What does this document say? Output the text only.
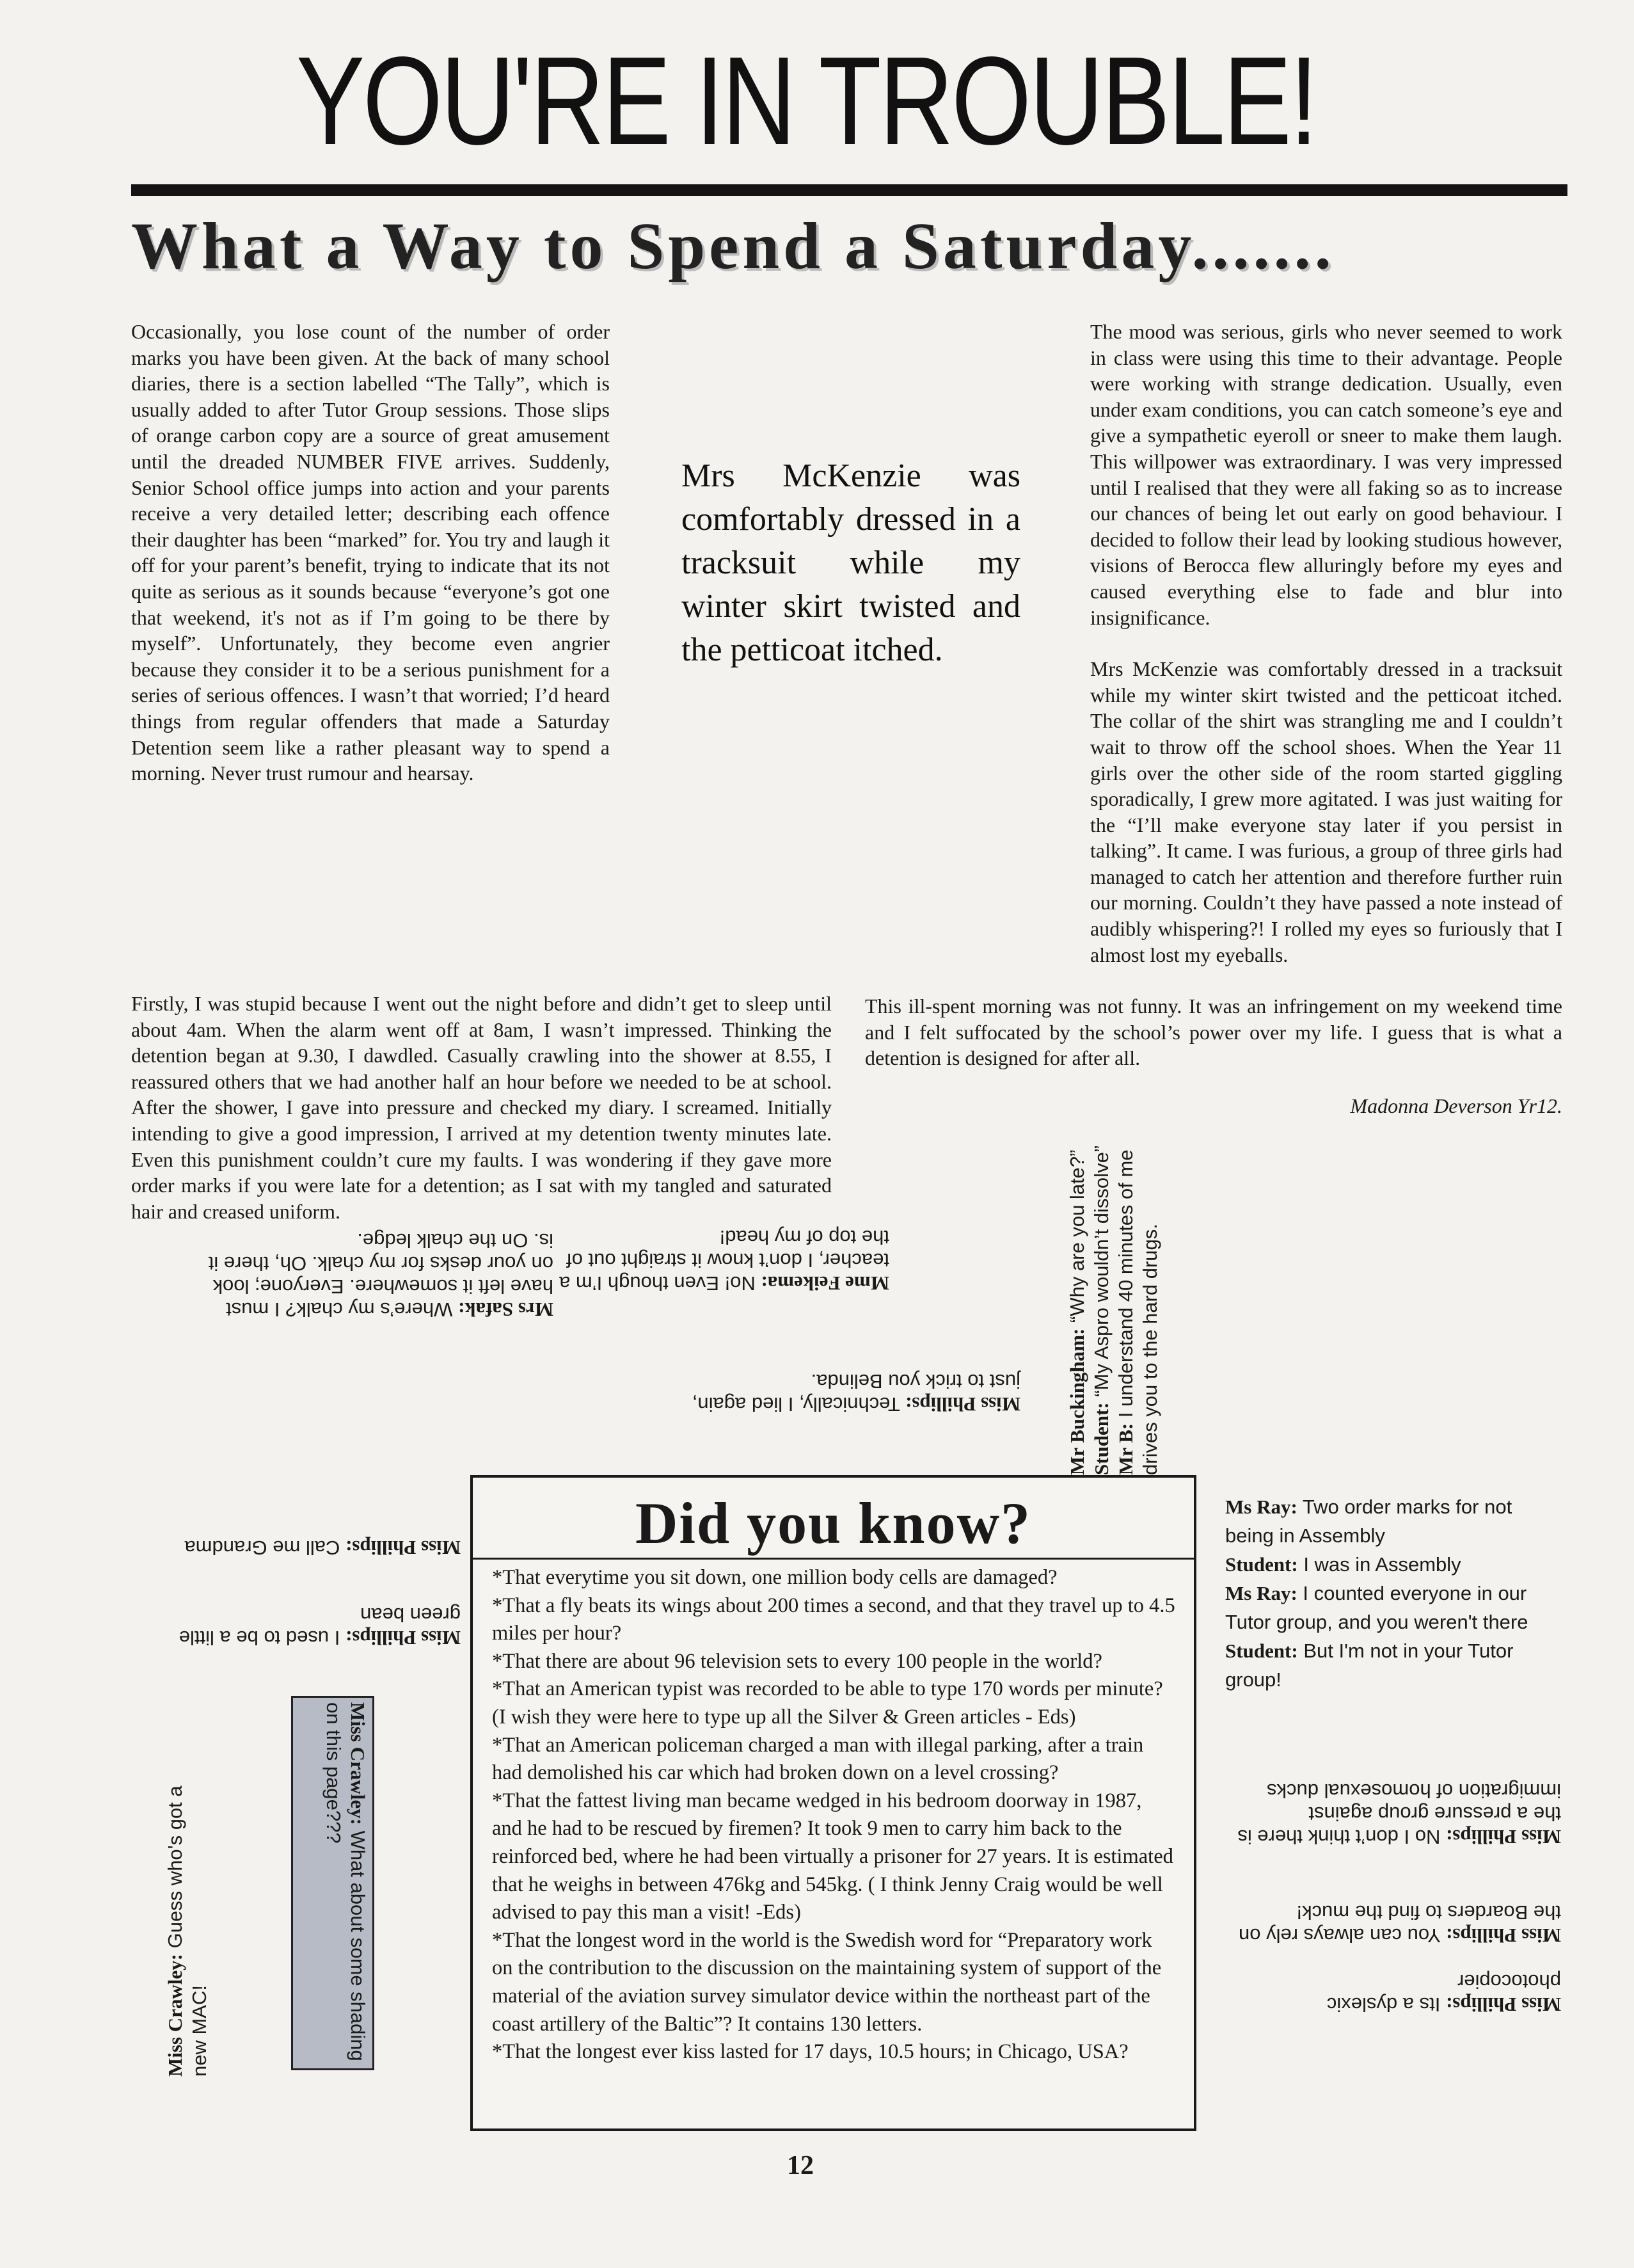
YOU'RE IN TROUBLE!
What a Way to Spend a Saturday.......

Occasionally, you lose count of the number of order marks you have been given. At the back of many school diaries, there is a section labelled “The Tally”, which is usually added to after Tutor Group sessions. Those slips of orange carbon copy are a source of great amusement until the dreaded NUMBER FIVE arrives. Suddenly, Senior School office jumps into action and your parents receive a very detailed letter; describing each offence their daughter has been “marked” for. You try and laugh it off for your parent’s benefit, trying to indicate that its not quite as serious as it sounds because “everyone’s got one that weekend, it's not as if I’m going to be there by myself”. Unfortunately, they become even angrier because they consider it to be a serious punishment for a series of serious offences. I wasn’t that worried; I’d heard things from regular offenders that made a Saturday Detention seem like a rather pleasant way to spend a morning. Never trust rumour and hearsay.

Firstly, I was stupid because I went out the night before and didn’t get to sleep until about 4am. When the alarm went off at 8am, I wasn’t impressed. Thinking the detention began at 9.30, I dawdled. Casually crawling into the shower at 8.55, I reassured others that we had another half an hour before we needed to be at school. After the shower, I gave into pressure and checked my diary. I screamed. Initially intending to give a good impression, I arrived at my detention twenty minutes late. Even this punishment couldn’t cure my faults. I was wondering if they gave more order marks if you were late for a detention; as I sat with my tangled and saturated hair and creased uniform.

Mrs McKenzie was comfortably dressed in a tracksuit while my winter skirt twisted and the petticoat itched.

The mood was serious, girls who never seemed to work in class were using this time to their advantage. People were working with strange dedication. Usually, even under exam conditions, you can catch someone’s eye and give a sympathetic eyeroll or sneer to make them laugh. This willpower was extraordinary. I was very impressed until I realised that they were all faking so as to increase our chances of being let out early on good behaviour. I decided to follow their lead by looking studious however, visions of Berocca flew alluringly before my eyes and caused everything else to fade and blur into insignificance.

Mrs McKenzie was comfortably dressed in a tracksuit while my winter skirt twisted and the petticoat itched. The collar of the shirt was strangling me and I couldn’t wait to throw off the school shoes. When the Year 11 girls over the other side of the room started giggling sporadically, I grew more agitated. I was just waiting for the “I’ll make everyone stay later if you persist in talking”. It came. I was furious, a group of three girls had managed to catch her attention and therefore further ruin our morning. Couldn’t they have passed a note instead of audibly whispering?! I rolled my eyes so furiously that I almost lost my eyeballs.

This ill-spent morning was not funny. It was an infringement on my weekend time and I felt suffocated by the school’s power over my life. I guess that is what a detention is designed for after all.

Madonna Deverson Yr12.
Mrs Safak: Where’s my chalk? I must have left it somewhere. Everyone; look on your desks for my chalk. Oh, there it is. On the chalk ledge.
Mme Feikema: No! Even though I’m a teacher, I don’t know it straight out of the top of my head!
Miss Phillips: Technically, I lied again, just to trick you Belinda. Mr Buckingham: “Why are you late?”
Student: “My Aspro wouldn’t dissolve”
Mr B: I understand 40 minutes of me drives you to the hard drugs.
Miss Phillips: Call me Grandma
Miss Phillips: I used to be a little green bean
Miss Crawley: What about some shading on this page???
Miss Crawley: Guess who's got a new MAC!
Did you know?
*That everytime you sit down, one million body cells are damaged?
*That a fly beats its wings about 200 times a second, and that they travel up to 4.5 miles per hour?
*That there are about 96 television sets to every 100 people in the world?
*That an American typist was recorded to be able to type 170 words per minute? (I wish they were here to type up all the Silver & Green articles - Eds)
*That an American policeman charged a man with illegal parking, after a train had demolished his car which had broken down on a level crossing?
*That the fattest living man became wedged in his bedroom doorway in 1987, and he had to be rescued by firemen? It took 9 men to carry him back to the reinforced bed, where he had been virtually a prisoner for 27 years. It is estimated that he weighs in between 476kg and 545kg. ( I think Jenny Craig would be well advised to pay this man a visit! -Eds)
*That the longest word in the world is the Swedish word for “Preparatory work on the contribution to the discussion on the maintaining system of support of the material of the aviation survey simulator device within the northeast part of the coast artillery of the Baltic”? It contains 130 letters.
*That the longest ever kiss lasted for 17 days, 10.5 hours; in Chicago, USA?
Ms Ray: Two order marks for not being in Assembly
Student: I was in Assembly
Ms Ray: I counted everyone in our Tutor group, and you weren't there
Student: But I'm not in your Tutor group!
Miss Phillips: No I don’t think there is the a pressure group against immigration of homosexual ducks
Miss Phillips: You can always rely on the Boarders to find the muck!
Miss Phillips: Its a dyslexic photocopier
12
